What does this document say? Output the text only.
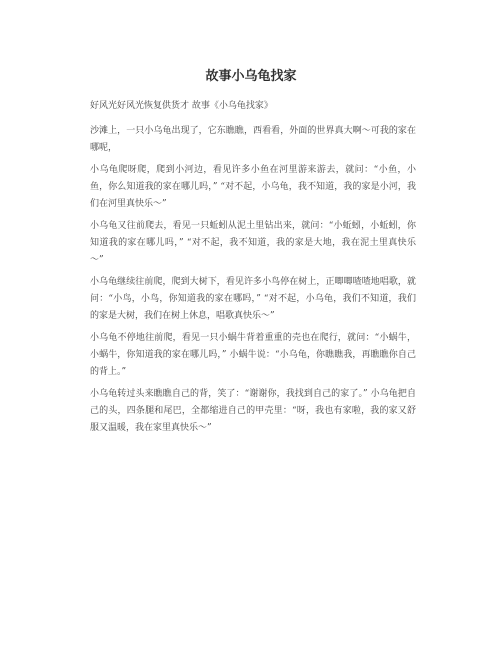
故事小乌龟找家

好风光好风光恢复供货才 故事《小乌龟找家》

沙滩上，一只小乌龟出现了，它东瞧瞧，西看看，外面的世界真大啊～可我的家在哪呢，

小乌龟爬呀爬，爬到小河边，看见许多小鱼在河里游来游去，就问：“小鱼，小鱼，你么知道我的家在哪儿吗，” “对不起，小乌龟，我不知道，我的家是小河，我们在河里真快乐～”

小乌龟又往前爬去，看见一只蚯蚓从泥土里钻出来，就问：“小蚯蚓，小蚯蚓，你知道我的家在哪儿吗，” “对不起，我不知道，我的家是大地，我在泥土里真快乐～”

小乌龟继续往前爬，爬到大树下，看见许多小鸟停在树上，正唧唧喳喳地唱歌，就问：“小鸟，小鸟，你知道我的家在哪吗，” “对不起，小乌龟，我们不知道，我们的家是大树，我们在树上休息，唱歌真快乐～”

小乌龟不停地往前爬，看见一只小蜗牛背着重重的壳也在爬行，就问：“小蜗牛，小蜗牛，你知道我的家在哪儿吗，” 小蜗牛说：“小乌龟，你瞧瞧我，再瞧瞧你自己的背上。”

小乌龟转过头来瞧瞧自己的背，笑了：“谢谢你，我找到自己的家了。” 小乌龟把自己的头，四条腿和尾巴，全都缩进自己的甲壳里：“呀，我也有家啦，我的家又舒服又温暖，我在家里真快乐～”
